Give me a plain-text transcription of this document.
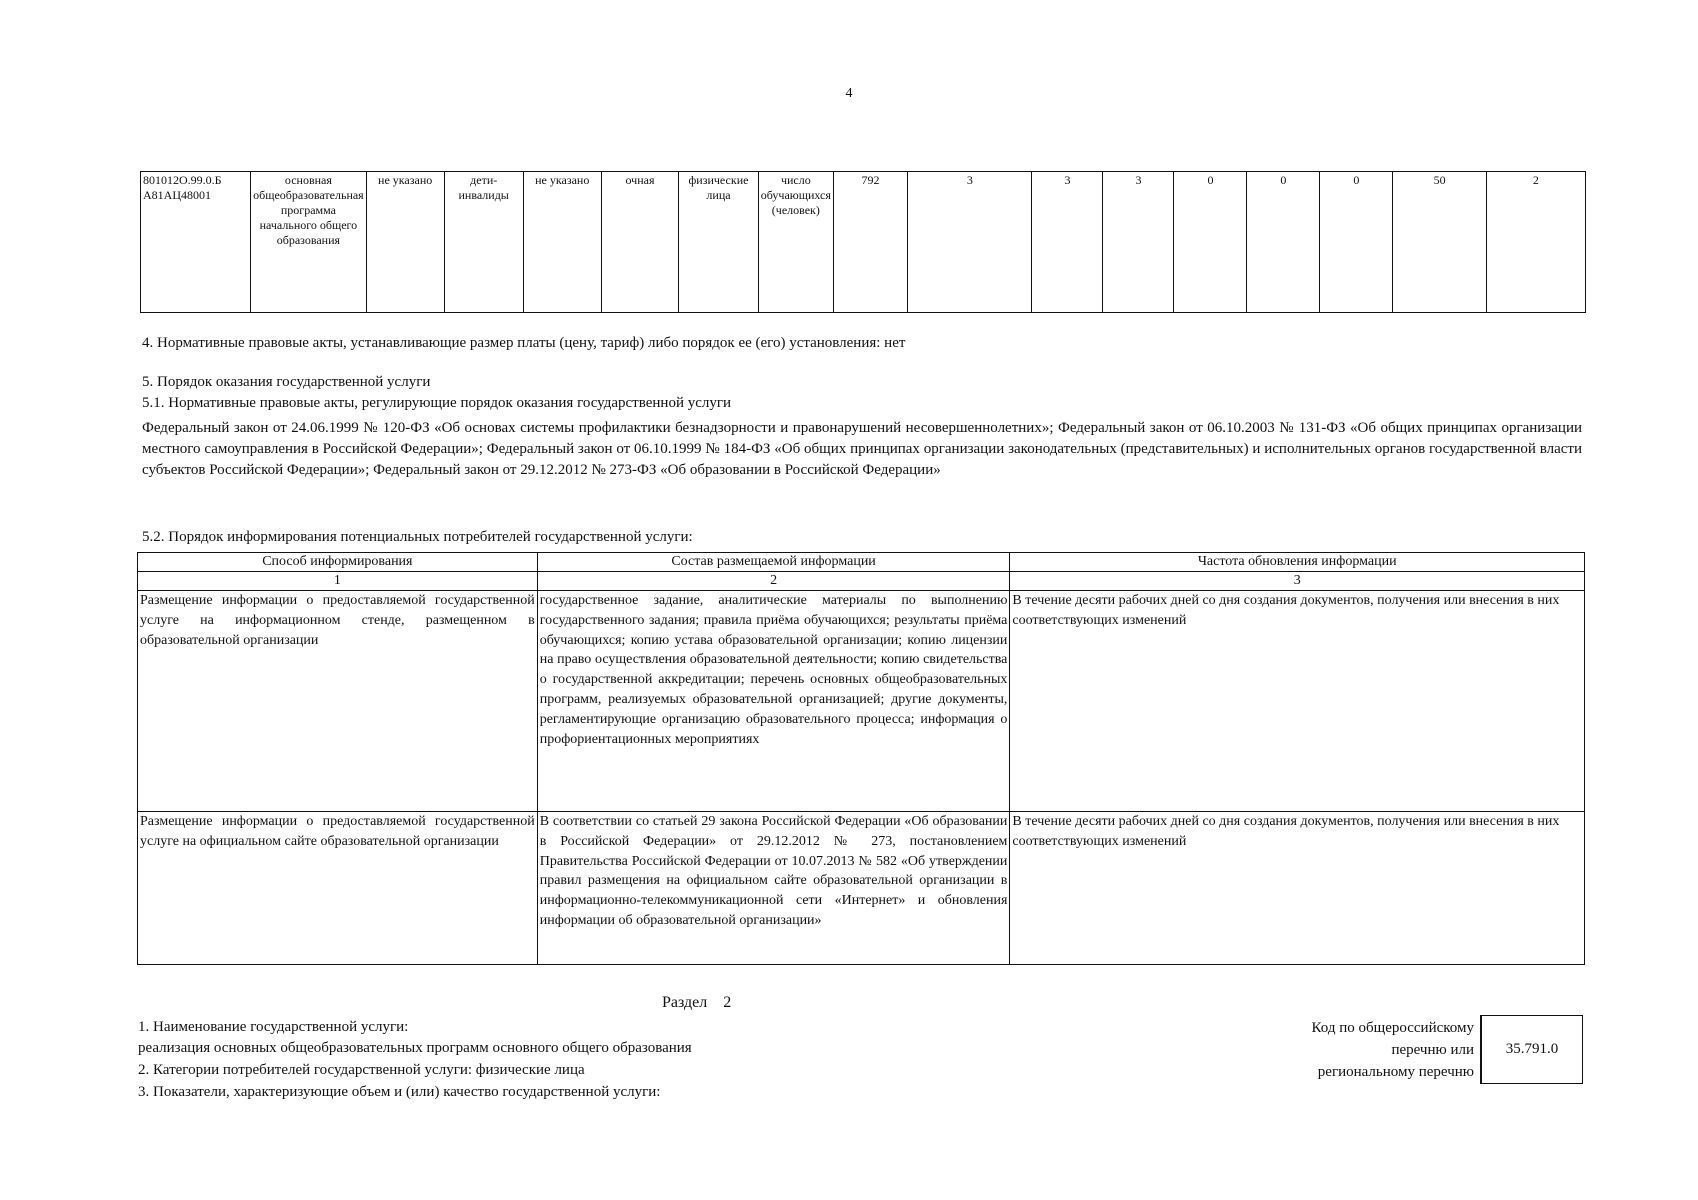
4
801012О.99.0.Б А81АЦ48001	основная общеобразовательная программа начального общего образования	не указано	дети-инвалиды	не указано	очная	физические лица	число обучающихся (человек)	792	3	3	3	0	0	0	50	2
4. Нормативные правовые акты, устанавливающие размер платы (цену, тариф) либо порядок ее (его) установления: нет
5. Порядок оказания государственной услуги
5.1. Нормативные правовые акты, регулирующие порядок оказания государственной услуги
Федеральный закон от 24.06.1999 № 120-ФЗ «Об основах системы профилактики безнадзорности и правонарушений несовершеннолетних»; Федеральный закон от 06.10.2003 № 131-ФЗ «Об общих принципах организации местного самоуправления в Российской Федерации»; Федеральный закон от 06.10.1999 № 184-ФЗ «Об общих принципах организации законодательных (представительных) и исполнительных органов государственной власти субъектов Российской Федерации»; Федеральный закон от 29.12.2012 № 273-ФЗ «Об образовании в Российской Федерации»
5.2. Порядок информирования потенциальных потребителей государственной услуги:
Способ информирования	Состав размещаемой информации	Частота обновления информации
1	2	3
Размещение информации о предоставляемой государственной услуге на информационном стенде, размещенном в образовательной организации	государственное задание, аналитические материалы по выполнению государственного задания; правила приёма обучающихся; результаты приёма обучающихся; копию устава образовательной организации; копию лицензии на право осуществления образовательной деятельности; копию свидетельства о государственной аккредитации; перечень основных общеобразовательных программ, реализуемых образовательной организацией; другие документы, регламентирующие организацию образовательного процесса; информация о профориентационных мероприятиях	В течение десяти рабочих дней со дня создания документов, получения или внесения в них соответствующих изменений
Размещение информации о предоставляемой государственной услуге на официальном сайте образовательной организации	В соответствии со статьей 29 закона Российской Федерации «Об образовании в Российской Федерации» от 29.12.2012 № 273, постановлением Правительства Российской Федерации от 10.07.2013 № 582 «Об утверждении правил размещения на официальном сайте образовательной организации в информационно-телекоммуникационной сети «Интернет» и обновления информации об образовательной организации»	В течение десяти рабочих дней со дня создания документов, получения или внесения в них соответствующих изменений
Раздел 2
1. Наименование государственной услуги:
реализация основных общеобразовательных программ основного общего образования
2. Категории потребителей государственной услуги: физические лица
3. Показатели, характеризующие объем и (или) качество государственной услуги:
Код по общероссийскому
перечню или
региональному перечню
35.791.0
